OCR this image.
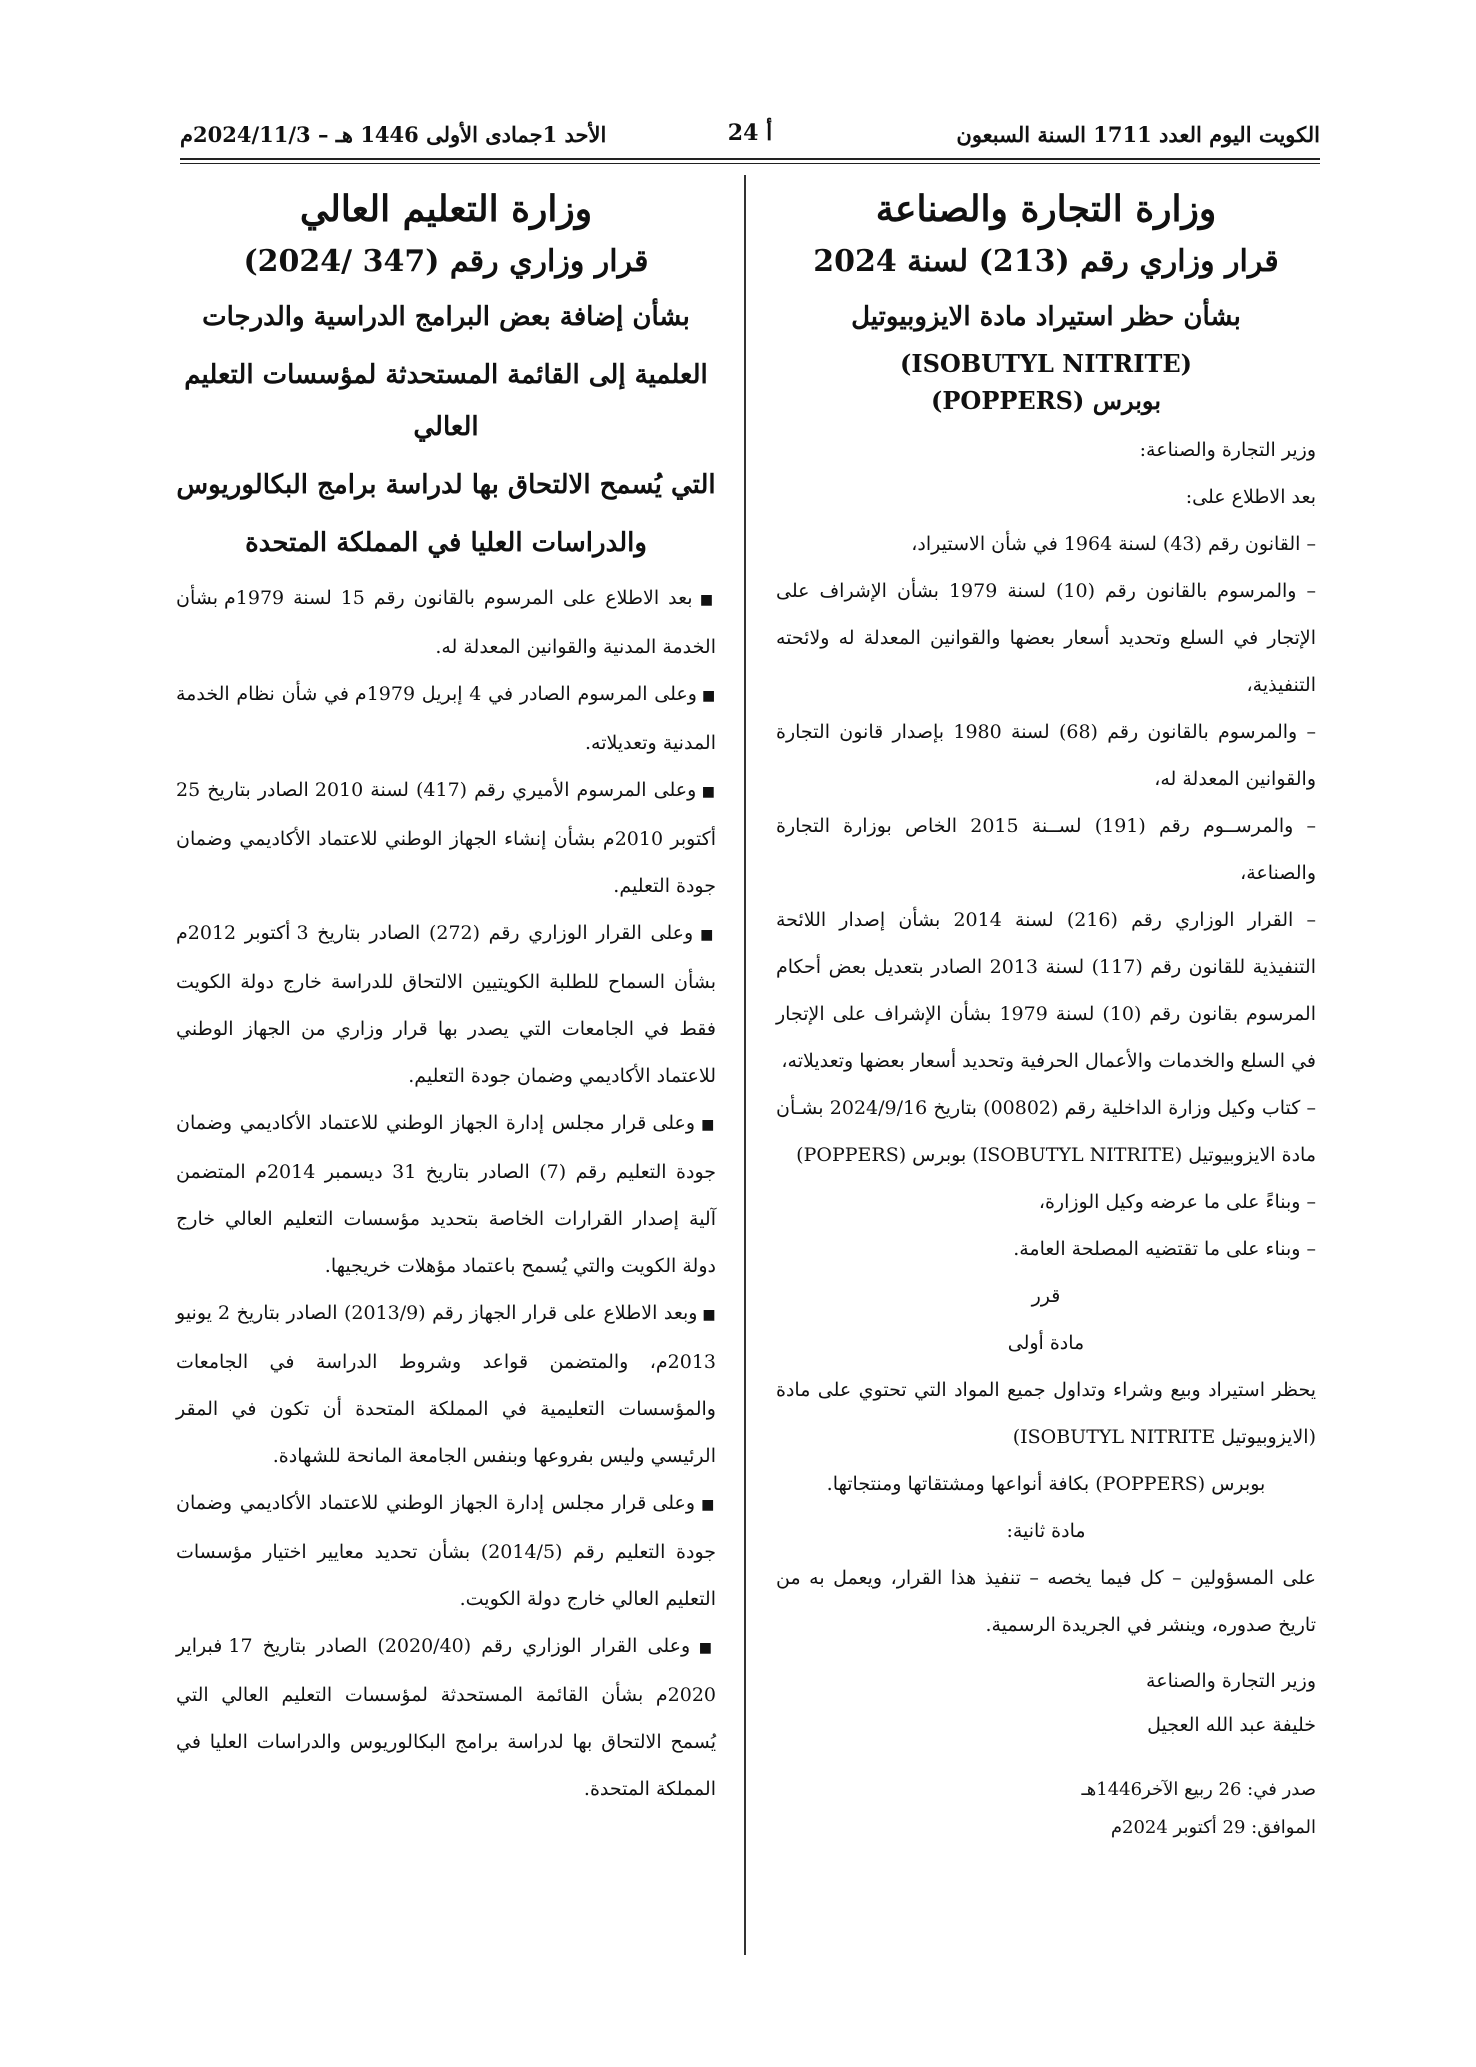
الكويت اليوم العدد 1711 السنة السبعون
أ 24
الأحد 1جمادى الأولى 1446 هـ – 2024/11/3م
وزارة التجارة والصناعة
قرار وزاري رقم (213) لسنة 2024
بشأن حظر استيراد مادة الايزوبيوتيل
(ISOBUTYL NITRITE)
بوبرس (POPPERS)

وزير التجارة والصناعة:

بعد الاطلاع على:

– القانون رقم (43) لسنة 1964 في شأن الاستيراد،

– والمرسوم بالقانون رقم (10) لسنة 1979 بشأن الإشراف على الإتجار في السلع وتحديد أسعار بعضها والقوانين المعدلة له ولائحته التنفيذية،

– والمرسوم بالقانون رقم (68) لسنة 1980 بإصدار قانون التجارة والقوانين المعدلة له،

– والمرســوم رقم (191) لســنة 2015 الخاص بوزارة التجارة والصناعة،

– القرار الوزاري رقم (216) لسنة 2014 بشأن إصدار اللائحة التنفيذية للقانون رقم (117) لسنة 2013 الصادر بتعديل بعض أحكام المرسوم بقانون رقم (10) لسنة 1979 بشأن الإشراف على الإتجار في السلع والخدمات والأعمال الحرفية وتحديد أسعار بعضها وتعديلاته،

– كتاب وكيل وزارة الداخلية رقم (00802) بتاريخ 2024/9/16 بشـأن مادة الايزوبيوتيل (ISOBUTYL NITRITE) بوبرس (POPPERS)

– وبناءً على ما عرضه وكيل الوزارة،

– وبناء على ما تقتضيه المصلحة العامة.

قرر

مادة أولى

يحظر استيراد وبيع وشراء وتداول جميع المواد التي تحتوي على مادة (الايزوبيوتيل ISOBUTYL NITRITE)

بوبرس (POPPERS) بكافة أنواعها ومشتقاتها ومنتجاتها.

مادة ثانية:

على المسؤولين – كل فيما يخصه – تنفيذ هذا القرار، ويعمل به من تاريخ صدوره، وينشر في الجريدة الرسمية.

وزير التجارة والصناعة
خليفة عبد الله العجيل
صدر في: 26 ربيع الآخر1446هـ
الموافق: 29 أكتوبر 2024م
وزارة التعليم العالي
قرار وزاري رقم (347 /2024)
بشأن إضافة بعض البرامج الدراسية والدرجات
العلمية إلى القائمة المستحدثة لمؤسسات التعليم العالي
التي يُسمح الالتحاق بها لدراسة برامج البكالوريوس
والدراسات العليا في المملكة المتحدة

■ بعد الاطلاع على المرسوم بالقانون رقم 15 لسنة 1979م بشأن الخدمة المدنية والقوانين المعدلة له.

■ وعلى المرسوم الصادر في 4 إبريل 1979م في شأن نظام الخدمة المدنية وتعديلاته.

■ وعلى المرسوم الأميري رقم (417) لسنة 2010 الصادر بتاريخ 25 أكتوبر 2010م بشأن إنشاء الجهاز الوطني للاعتماد الأكاديمي وضمان جودة التعليم.

■ وعلى القرار الوزاري رقم (272) الصادر بتاريخ 3 أكتوبر 2012م بشأن السماح للطلبة الكويتيين الالتحاق للدراسة خارج دولة الكويت فقط في الجامعات التي يصدر بها قرار وزاري من الجهاز الوطني للاعتماد الأكاديمي وضمان جودة التعليم.

■ وعلى قرار مجلس إدارة الجهاز الوطني للاعتماد الأكاديمي وضمان جودة التعليم رقم (7) الصادر بتاريخ 31 ديسمبر 2014م المتضمن آلية إصدار القرارات الخاصة بتحديد مؤسسات التعليم العالي خارج دولة الكويت والتي يُسمح باعتماد مؤهلات خريجيها.

■ وبعد الاطلاع على قرار الجهاز رقم (2013/9) الصادر بتاريخ 2 يونيو 2013م، والمتضمن قواعد وشروط الدراسة في الجامعات والمؤسسات التعليمية في المملكة المتحدة أن تكون في المقر الرئيسي وليس بفروعها وبنفس الجامعة المانحة للشهادة.

■ وعلى قرار مجلس إدارة الجهاز الوطني للاعتماد الأكاديمي وضمان جودة التعليم رقم (2014/5) بشأن تحديد معايير اختيار مؤسسات التعليم العالي خارج دولة الكويت.

■ وعلى القرار الوزاري رقم (2020/40) الصادر بتاريخ 17 فبراير 2020م بشأن القائمة المستحدثة لمؤسسات التعليم العالي التي يُسمح الالتحاق بها لدراسة برامج البكالوريوس والدراسات العليا في المملكة المتحدة.
